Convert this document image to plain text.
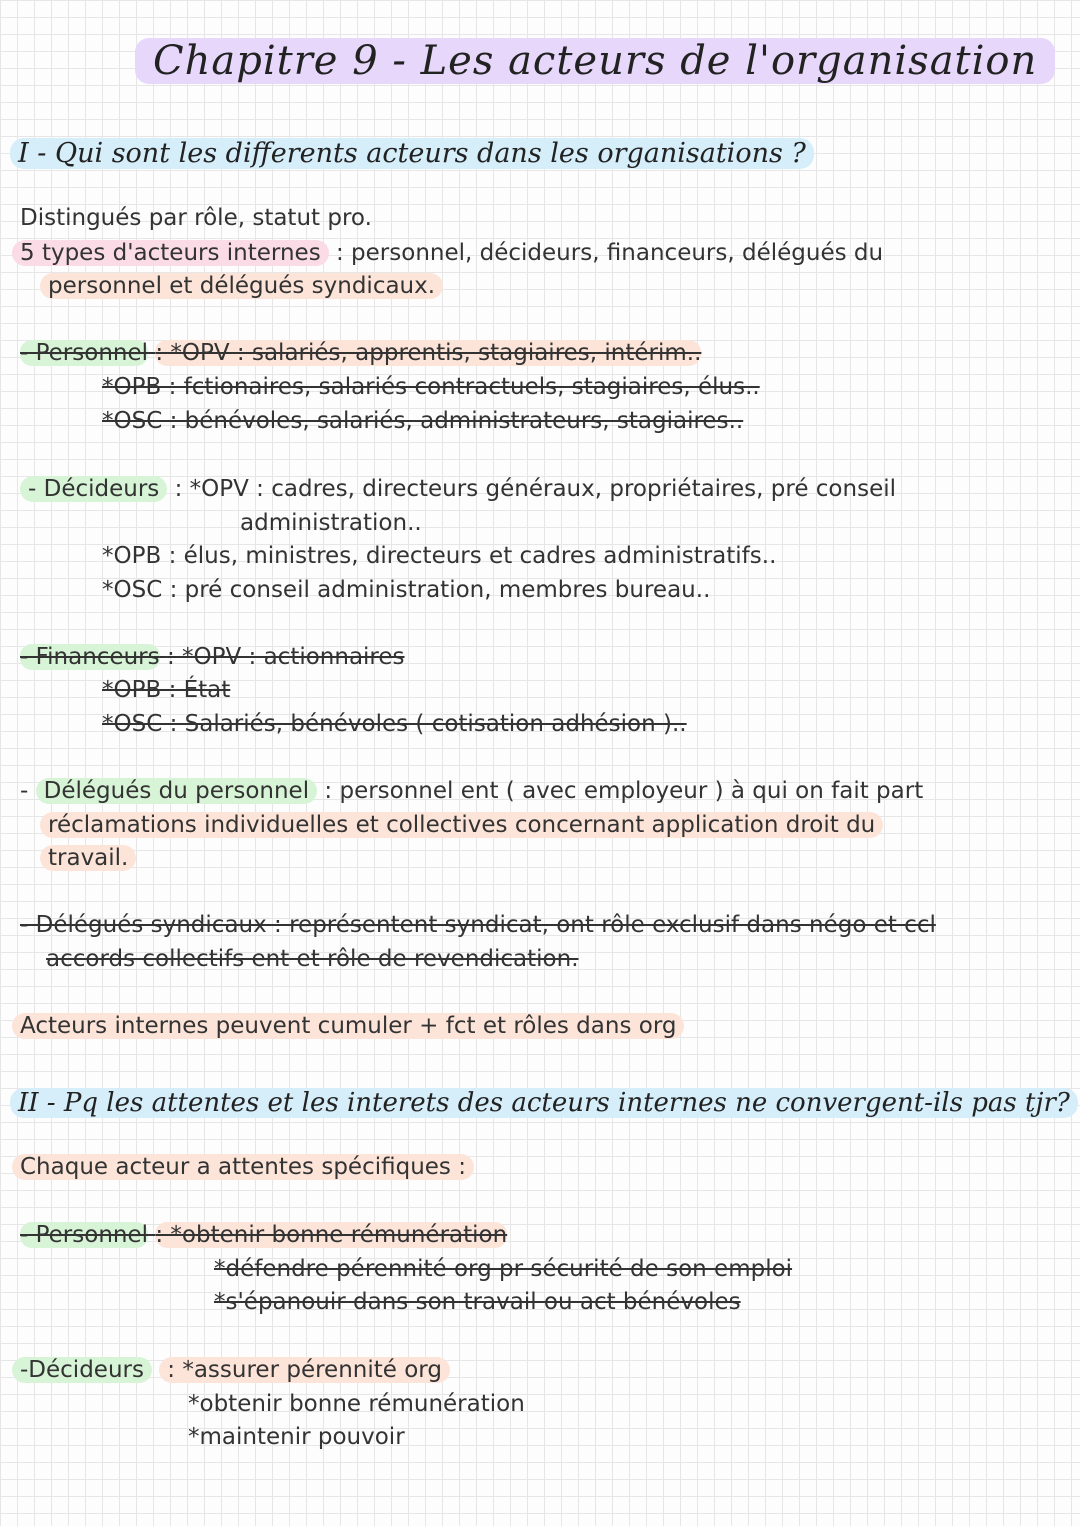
Chapitre 9 - Les acteurs de l'organisation
I - Qui sont les differents acteurs dans les organisations ?
Distingués par rôle, statut pro.
5 types d'acteurs internes : personnel, décideurs, financeurs, délégués du
personnel et délégués syndicaux.
- Personnel : *OPV : salariés, apprentis, stagiaires, intérim..
*OPB : fctionaires, salariés contractuels, stagiaires, élus..
*OSC : bénévoles, salariés, administrateurs, stagiaires..
- Décideurs : *OPV : cadres, directeurs généraux, propriétaires, pré conseil
administration..
*OPB : élus, ministres, directeurs et cadres administratifs..
*OSC : pré conseil administration, membres bureau..
- Financeurs : *OPV : actionnaires
*OPB : État
*OSC : Salariés, bénévoles ( cotisation adhésion )..
- Délégués du personnel : personnel ent ( avec employeur ) à qui on fait part
réclamations individuelles et collectives concernant application droit du
travail.
- Délégués syndicaux : représentent syndicat, ont rôle exclusif dans négo et ccl
accords collectifs ent et rôle de revendication.
Acteurs internes peuvent cumuler + fct et rôles dans org
II - Pq les attentes et les interets des acteurs internes ne convergent-ils pas tjr?
Chaque acteur a attentes spécifiques :
- Personnel : *obtenir bonne rémunération
*défendre pérennité org pr sécurité de son emploi
*s'épanouir dans son travail ou act bénévoles
-Décideurs : *assurer pérennité org
*obtenir bonne rémunération
*maintenir pouvoir
